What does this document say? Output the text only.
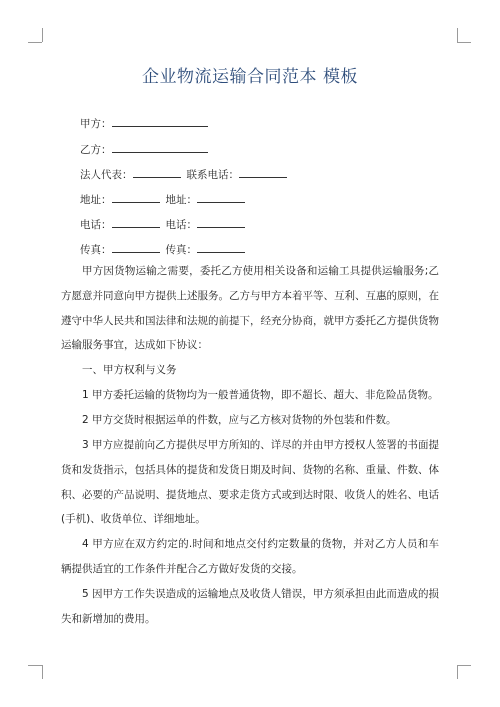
企业物流运输合同范本 模板
甲方：
乙方：
法人代表：	联系电话：
地址：	地址：
电话：	电话：
传真：	传真：

甲方因货物运输之需要，委托乙方使用相关设备和运输工具提供运输服务;乙方愿意并同意向甲方提供上述服务。乙方与甲方本着平等、互利、互惠的原则，在遵守中华人民共和国法律和法规的前提下，经充分协商，就甲方委托乙方提供货物运输服务事宜，达成如下协议：

一、甲方权利与义务

1 甲方委托运输的货物均为一般普通货物，即不超长、超大、非危险品货物。

2 甲方交货时根据运单的件数，应与乙方核对货物的外包装和件数。

3 甲方应提前向乙方提供尽甲方所知的、详尽的并由甲方授权人签署的书面提货和发货指示，包括具体的提货和发货日期及时间、货物的名称、重量、件数、体积、必要的产品说明、提货地点、要求走货方式或到达时限、收货人的姓名、电话(手机)、收货单位、详细地址。

4 甲方应在双方约定的.时间和地点交付约定数量的货物，并对乙方人员和车辆提供适宜的工作条件并配合乙方做好发货的交接。

5 因甲方工作失误造成的运输地点及收货人错误，甲方须承担由此而造成的损失和新增加的费用。
